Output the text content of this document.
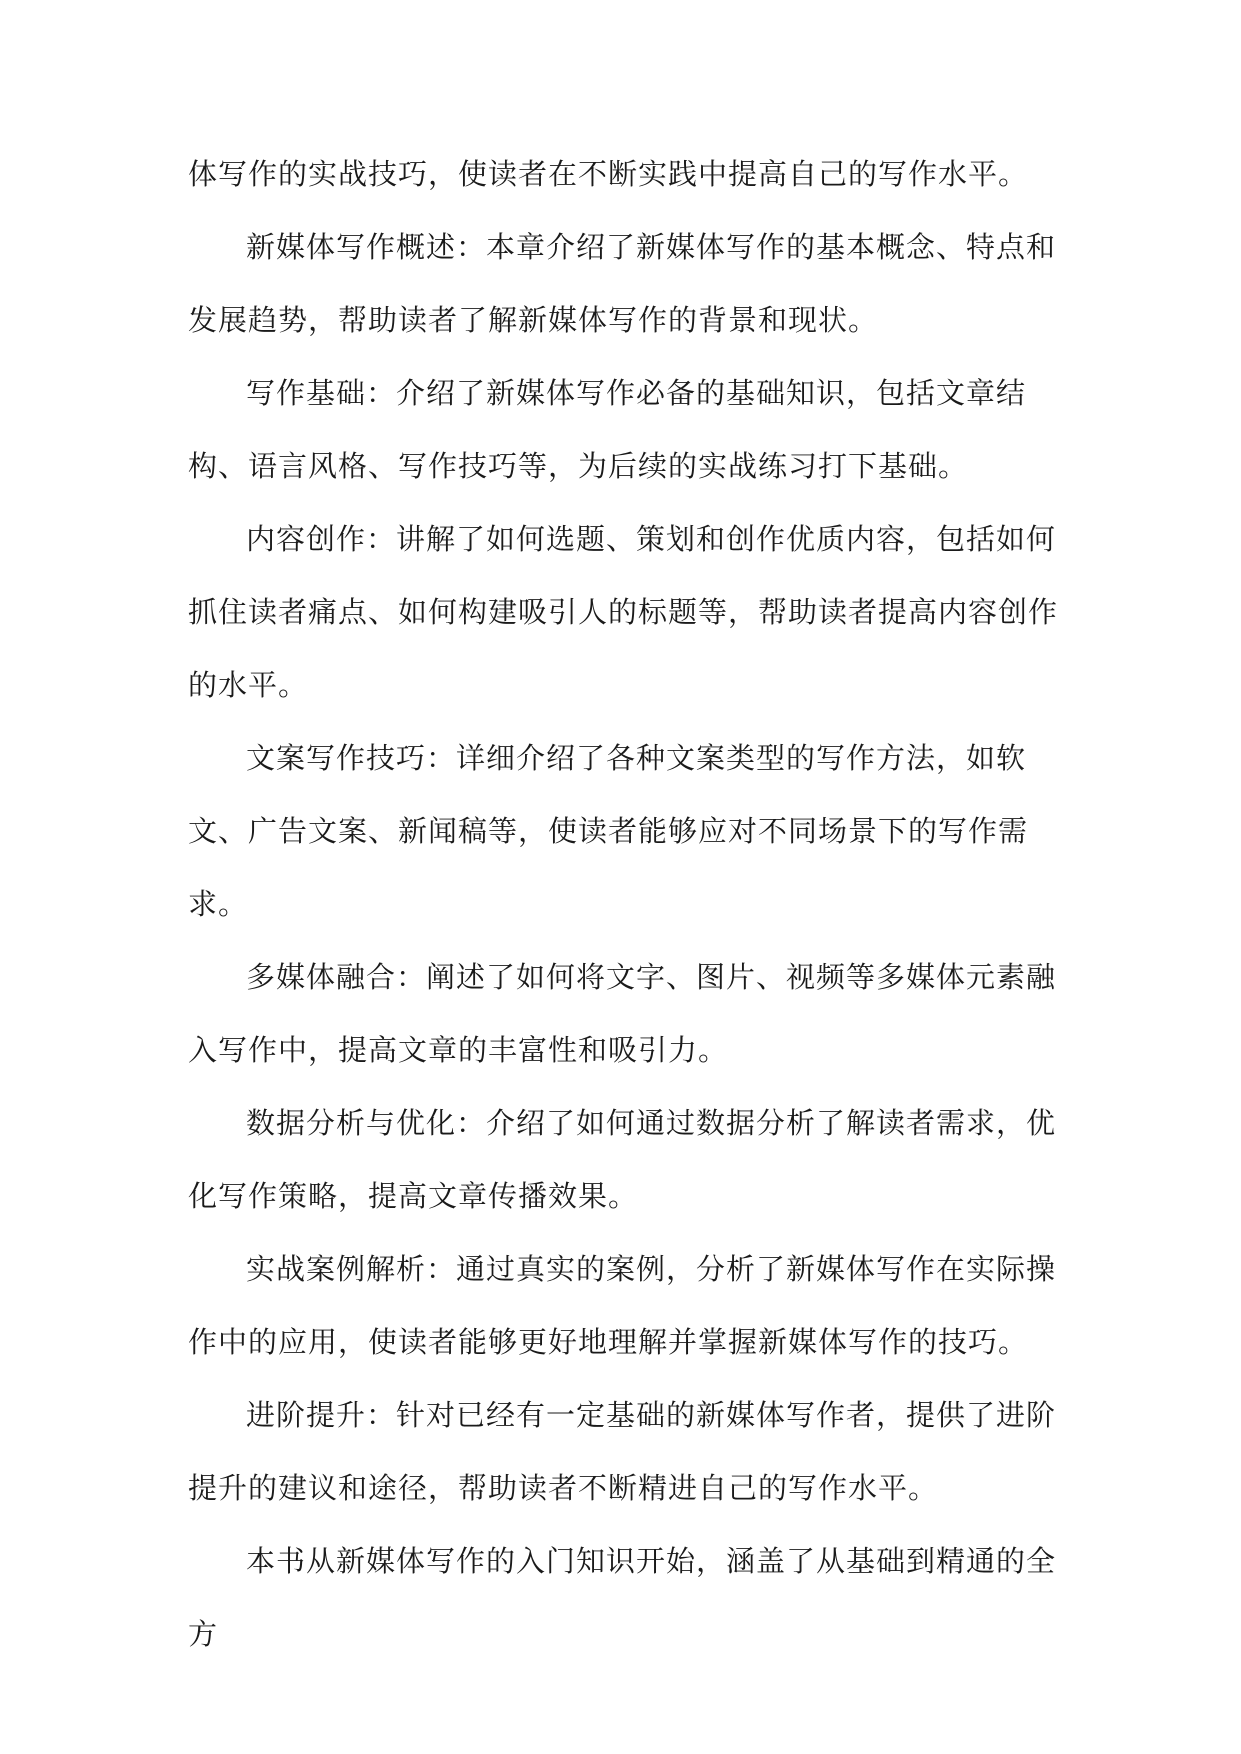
体写作的实战技巧，使读者在不断实践中提高自己的写作水平。

新媒体写作概述：本章介绍了新媒体写作的基本概念、特点和发展趋势，帮助读者了解新媒体写作的背景和现状。

写作基础：介绍了新媒体写作必备的基础知识，包括文章结构、语言风格、写作技巧等，为后续的实战练习打下基础。

内容创作：讲解了如何选题、策划和创作优质内容，包括如何抓住读者痛点、如何构建吸引人的标题等，帮助读者提高内容创作的水平。

文案写作技巧：详细介绍了各种文案类型的写作方法，如软文、广告文案、新闻稿等，使读者能够应对不同场景下的写作需求。

多媒体融合：阐述了如何将文字、图片、视频等多媒体元素融入写作中，提高文章的丰富性和吸引力。

数据分析与优化：介绍了如何通过数据分析了解读者需求，优化写作策略，提高文章传播效果。

实战案例解析：通过真实的案例，分析了新媒体写作在实际操作中的应用，使读者能够更好地理解并掌握新媒体写作的技巧。

进阶提升：针对已经有一定基础的新媒体写作者，提供了进阶提升的建议和途径，帮助读者不断精进自己的写作水平。

本书从新媒体写作的入门知识开始，涵盖了从基础到精通的全方
